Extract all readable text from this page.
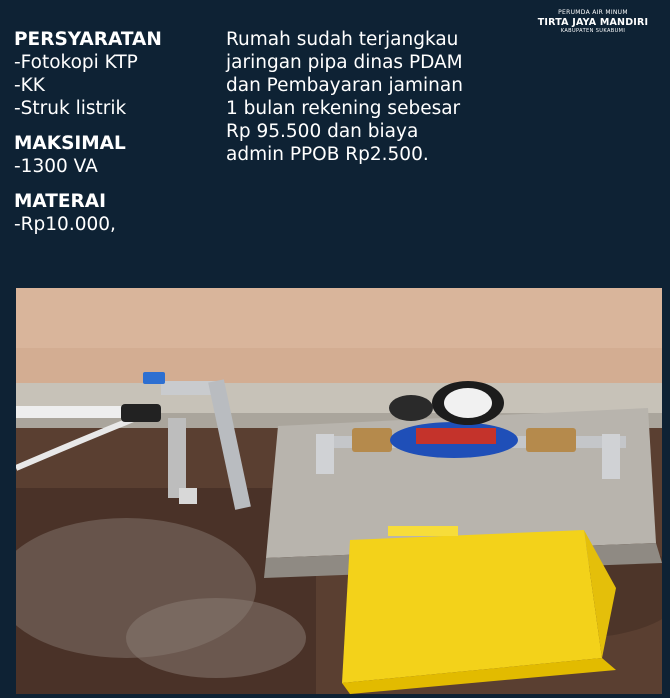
PERUMDA AIR MINUM
TIRTA JAYA MANDIRI
KABUPATEN SUKABUMI
PERSYARATAN
-Fotokopi KTP
-KK
-Struk listrik
MAKSIMAL
-1300 VA
MATERAI
-Rp10.000,
Rumah sudah terjangkau
jaringan pipa dinas PDAM
dan Pembayaran jaminan
1 bulan rekening sebesar
Rp 95.500 dan biaya
admin PPOB Rp2.500.
